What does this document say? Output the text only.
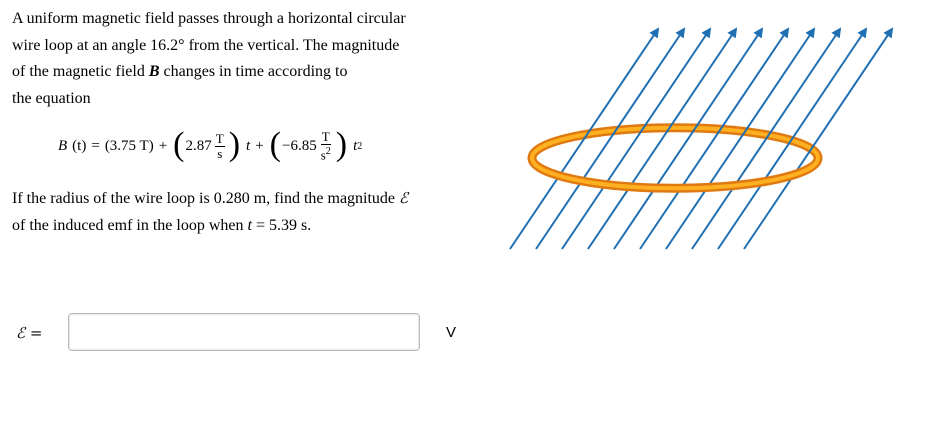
A uniform magnetic field passes through a horizontal circular

wire loop at an angle 16.2° from the vertical. The magnitude

of the magnetic field B changes in time according to

the equation

B (t) = (3.75 T) + ( $2.87 \frac{T}{s}$ ) t + ( $-6.85 \frac{T}{s^2}$ ) t 2

If the radius of the wire loop is 0.280 m, find the magnitude ℰ

of the induced emf in the loop when t = 5.39 s.

ℰ =	V
